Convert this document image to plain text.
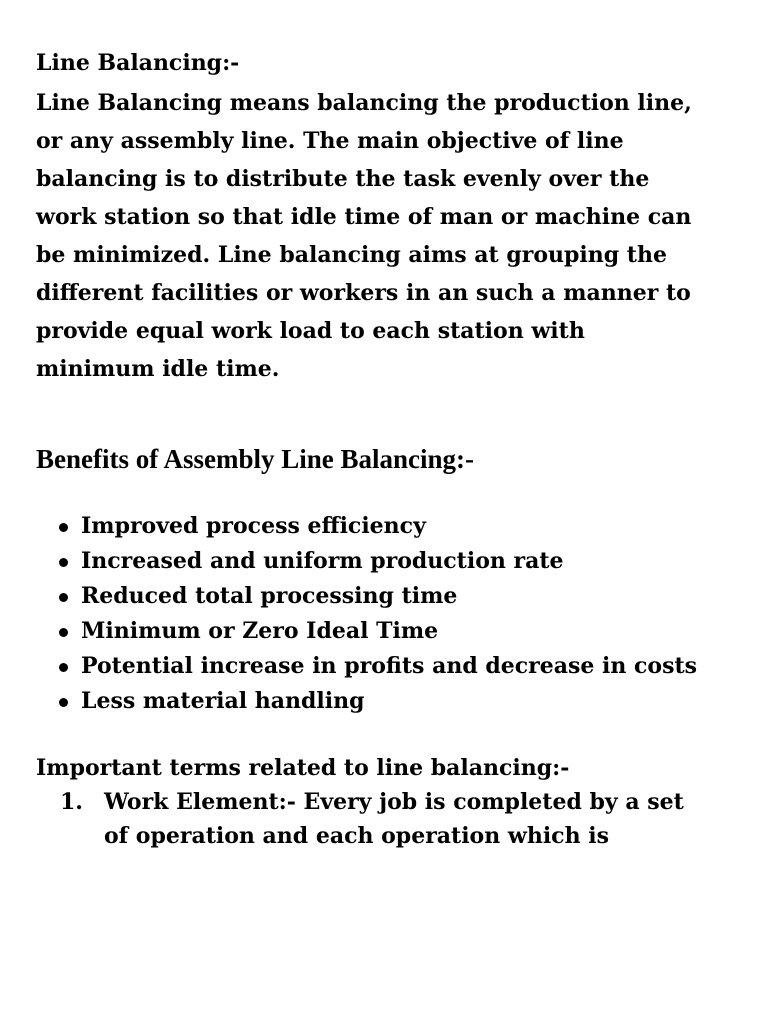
Line Balancing:-

Line Balancing means balancing the production line,
or any assembly line. The main objective of line
balancing is to distribute the task evenly over the
work station so that idle time of man or machine can
be minimized. Line balancing aims at grouping the
different facilities or workers in an such a manner to
provide equal work load to each station with
minimum idle time.

Benefits of Assembly Line Balancing:-
Improved process efficiency
Increased and uniform production rate
Reduced total processing time
Minimum or Zero Ideal Time
Potential increase in profits and decrease in costs
Less material handling
Important terms related to line balancing:-
1. Work Element:- Every job is completed by a set
of operation and each operation which is
